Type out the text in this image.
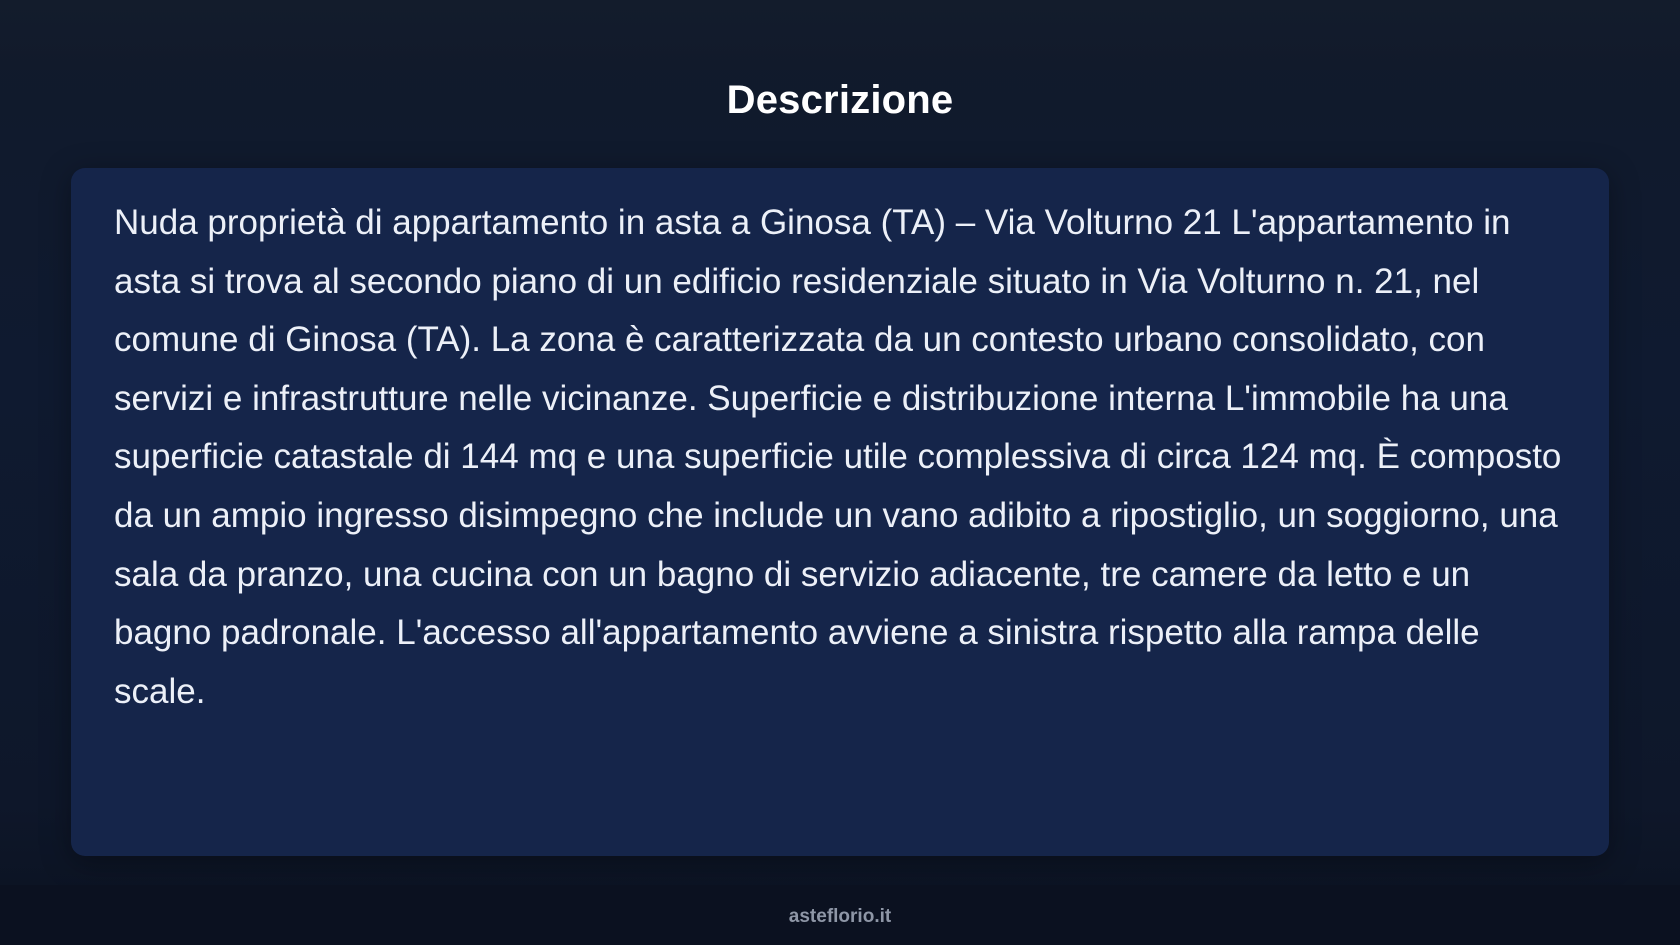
Descrizione

Nuda proprietà di appartamento in asta a Ginosa (TA) – Via Volturno 21 L'appartamento in asta si trova al secondo piano di un edificio residenziale situato in Via Volturno n. 21, nel comune di Ginosa (TA). La zona è caratterizzata da un contesto urbano consolidato, con servizi e infrastrutture nelle vicinanze. Superficie e distribuzione interna L'immobile ha una superficie catastale di 144 mq e una superficie utile complessiva di circa 124 mq. È composto da un ampio ingresso disimpegno che include un vano adibito a ripostiglio, un soggiorno, una sala da pranzo, una cucina con un bagno di servizio adiacente, tre camere da letto e un bagno padronale. L'accesso all'appartamento avviene a sinistra rispetto alla rampa delle scale.

asteflorio.it
